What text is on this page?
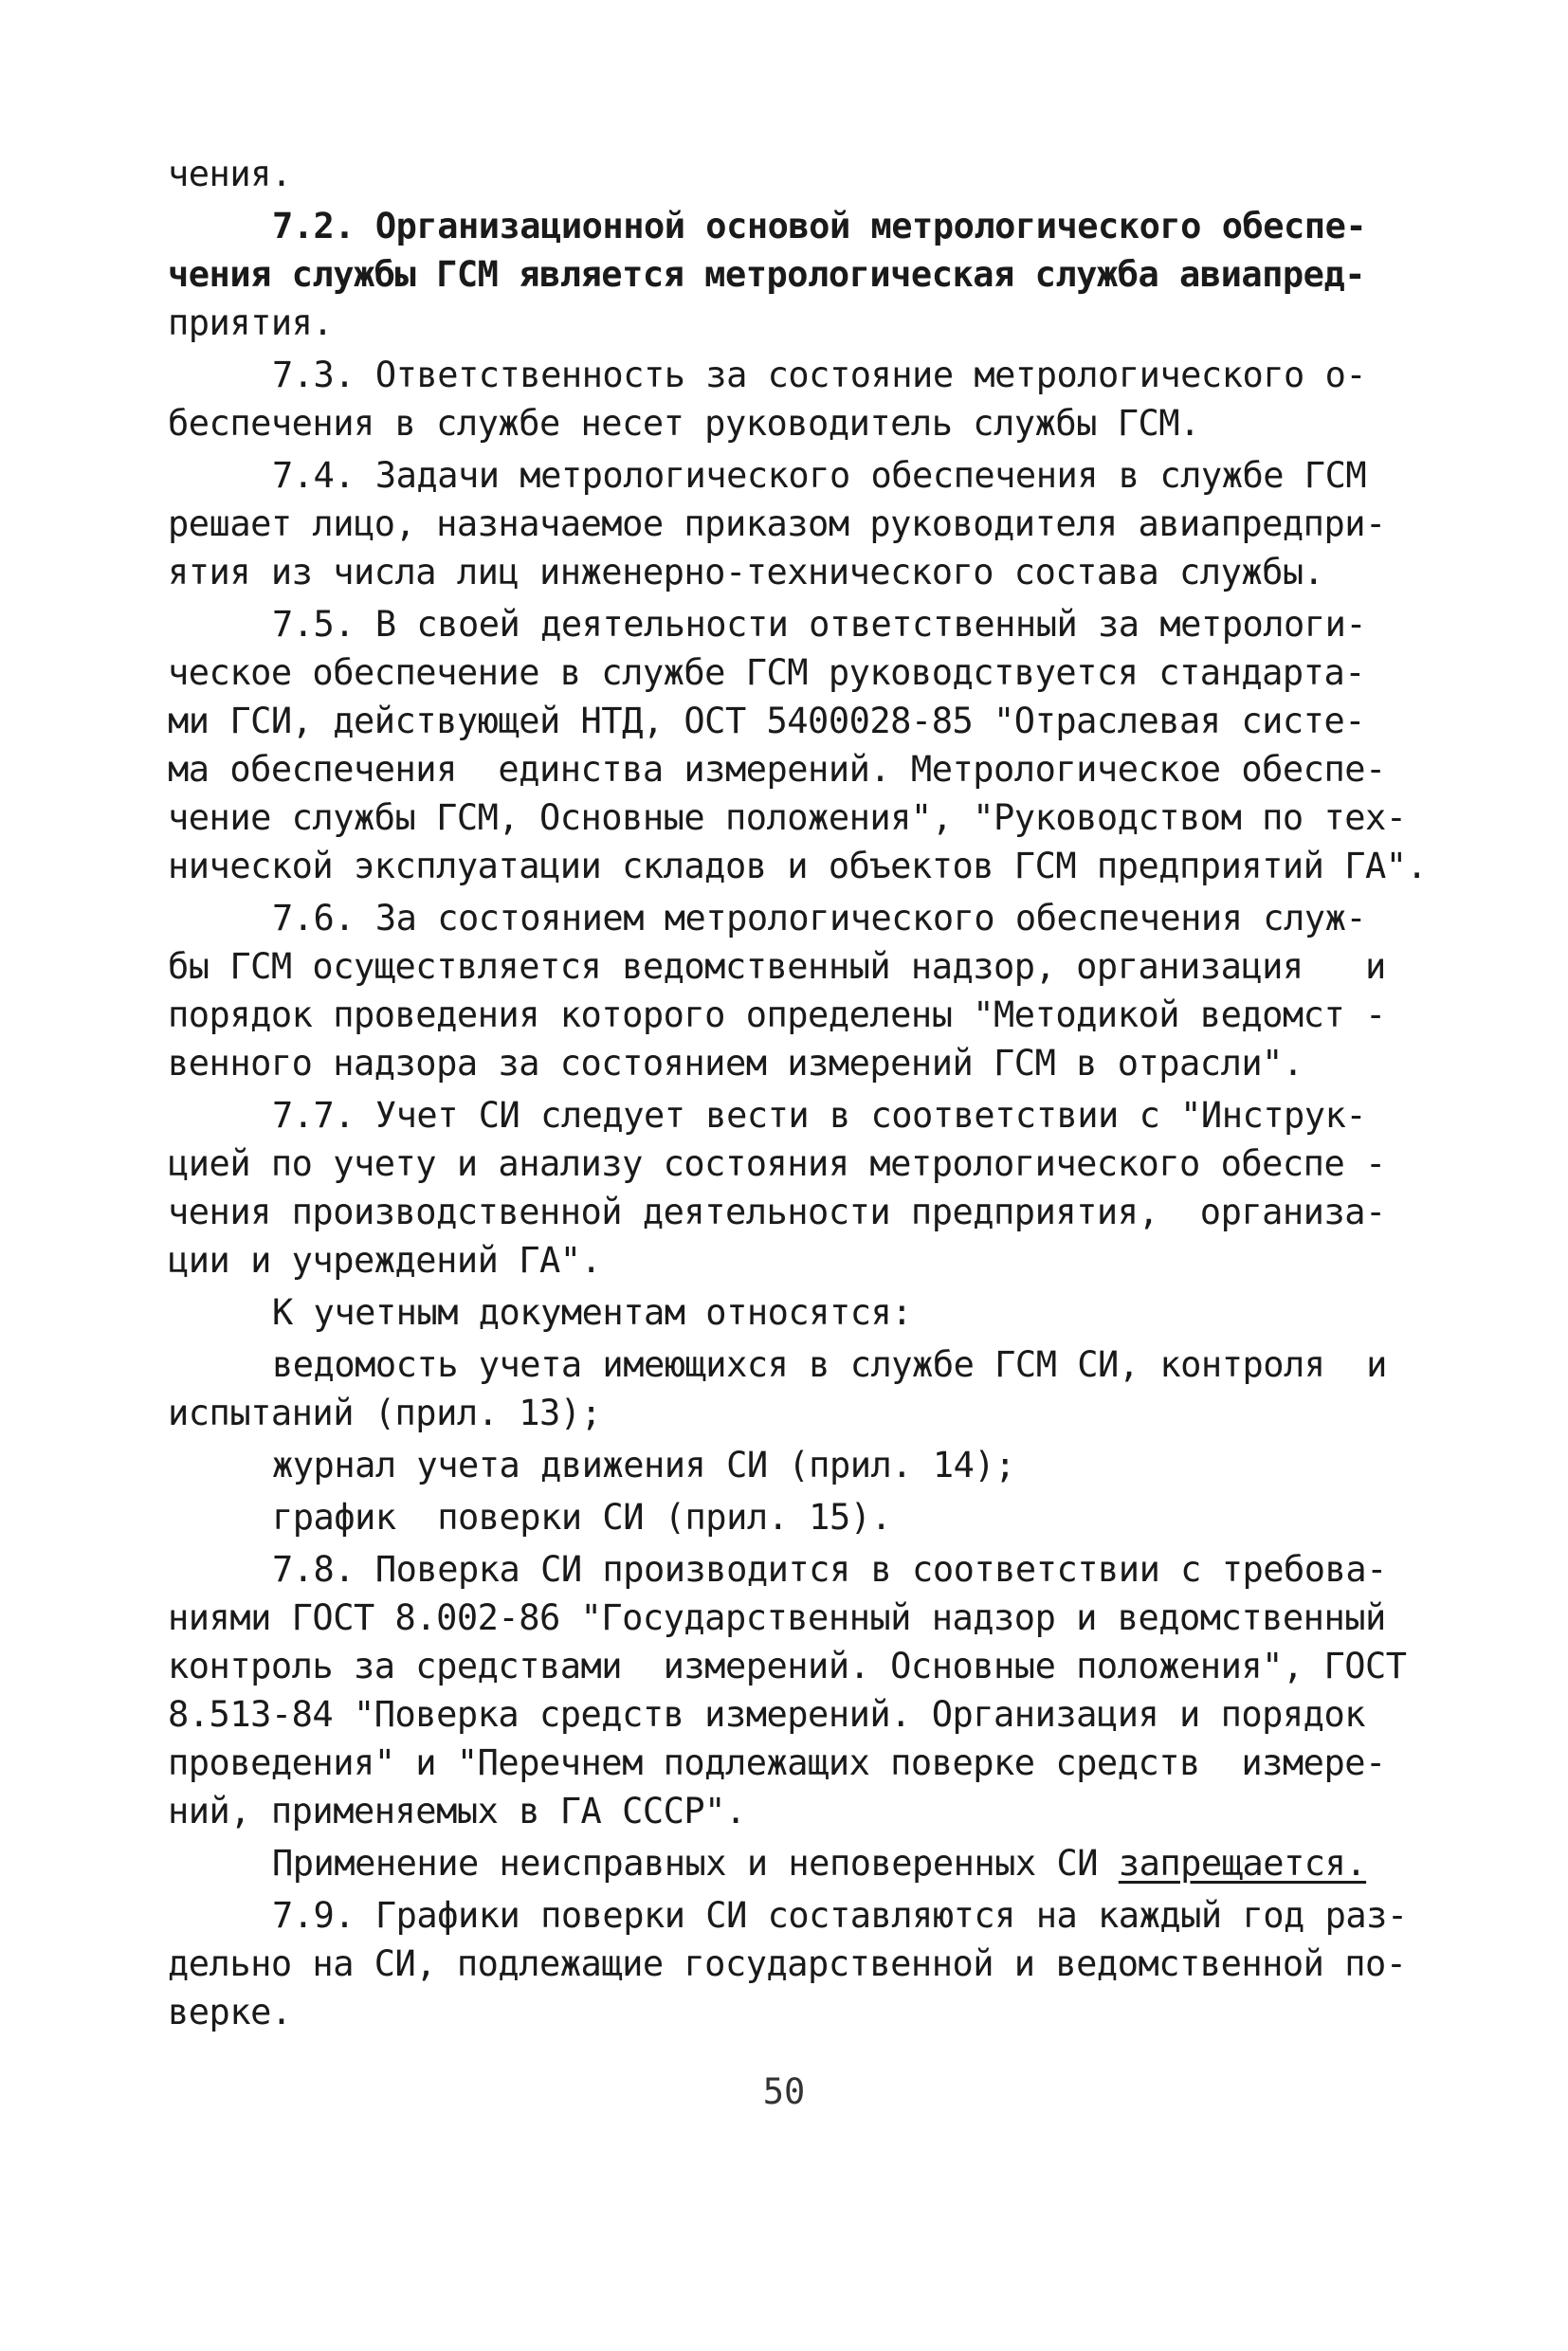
чения.
7.2. Организационной основой метрологического обеспе-
чения службы ГСМ является метрологическая служба авиапред-
приятия.
7.3. Ответственность за состояние метрологического о-
беспечения в службе несет руководитель службы ГСМ.
7.4. Задачи метрологического обеспечения в службе ГСМ
решает лицо, назначаемое приказом руководителя авиапредпри-
ятия из числа лиц инженерно-технического состава службы.
7.5. В своей деятельности ответственный за метрологи-
ческое обеспечение в службе ГСМ руководствуется стандарта-
ми ГСИ, действующей НТД, ОСТ 5400028-85 "Отраслевая систе-
ма обеспечения  единства измерений. Метрологическое обеспе-
чение службы ГСМ, Основные положения", "Руководством по тех-
нической эксплуатации складов и объектов ГСМ предприятий ГА".
7.6. За состоянием метрологического обеспечения служ-
бы ГСМ осуществляется ведомственный надзор, организация   и
порядок проведения которого определены "Методикой ведомст -
венного надзора за состоянием измерений ГСМ в отрасли".
7.7. Учет СИ следует вести в соответствии с "Инструк-
цией по учету и анализу состояния метрологического обеспе -
чения производственной деятельности предприятия,  организа-
ции и учреждений ГА".
К учетным документам относятся:
ведомость учета имеющихся в службе ГСМ СИ, контроля  и
испытаний (прил. 13);
журнал учета движения СИ (прил. 14);
график  поверки СИ (прил. 15).
7.8. Поверка СИ производится в соответствии с требова-
ниями ГОСТ 8.002-86 "Государственный надзор и ведомственный
контроль за средствами  измерений. Основные положения", ГОСТ
8.513-84 "Поверка средств измерений. Организация и порядок
проведения" и "Перечнем подлежащих поверке средств  измере-
ний, применяемых в ГА СССР".
Применение неисправных и неповеренных СИ запрещается.
7.9. Графики поверки СИ составляются на каждый год раз-
дельно на СИ, подлежащие государственной и ведомственной по-
верке.
50
